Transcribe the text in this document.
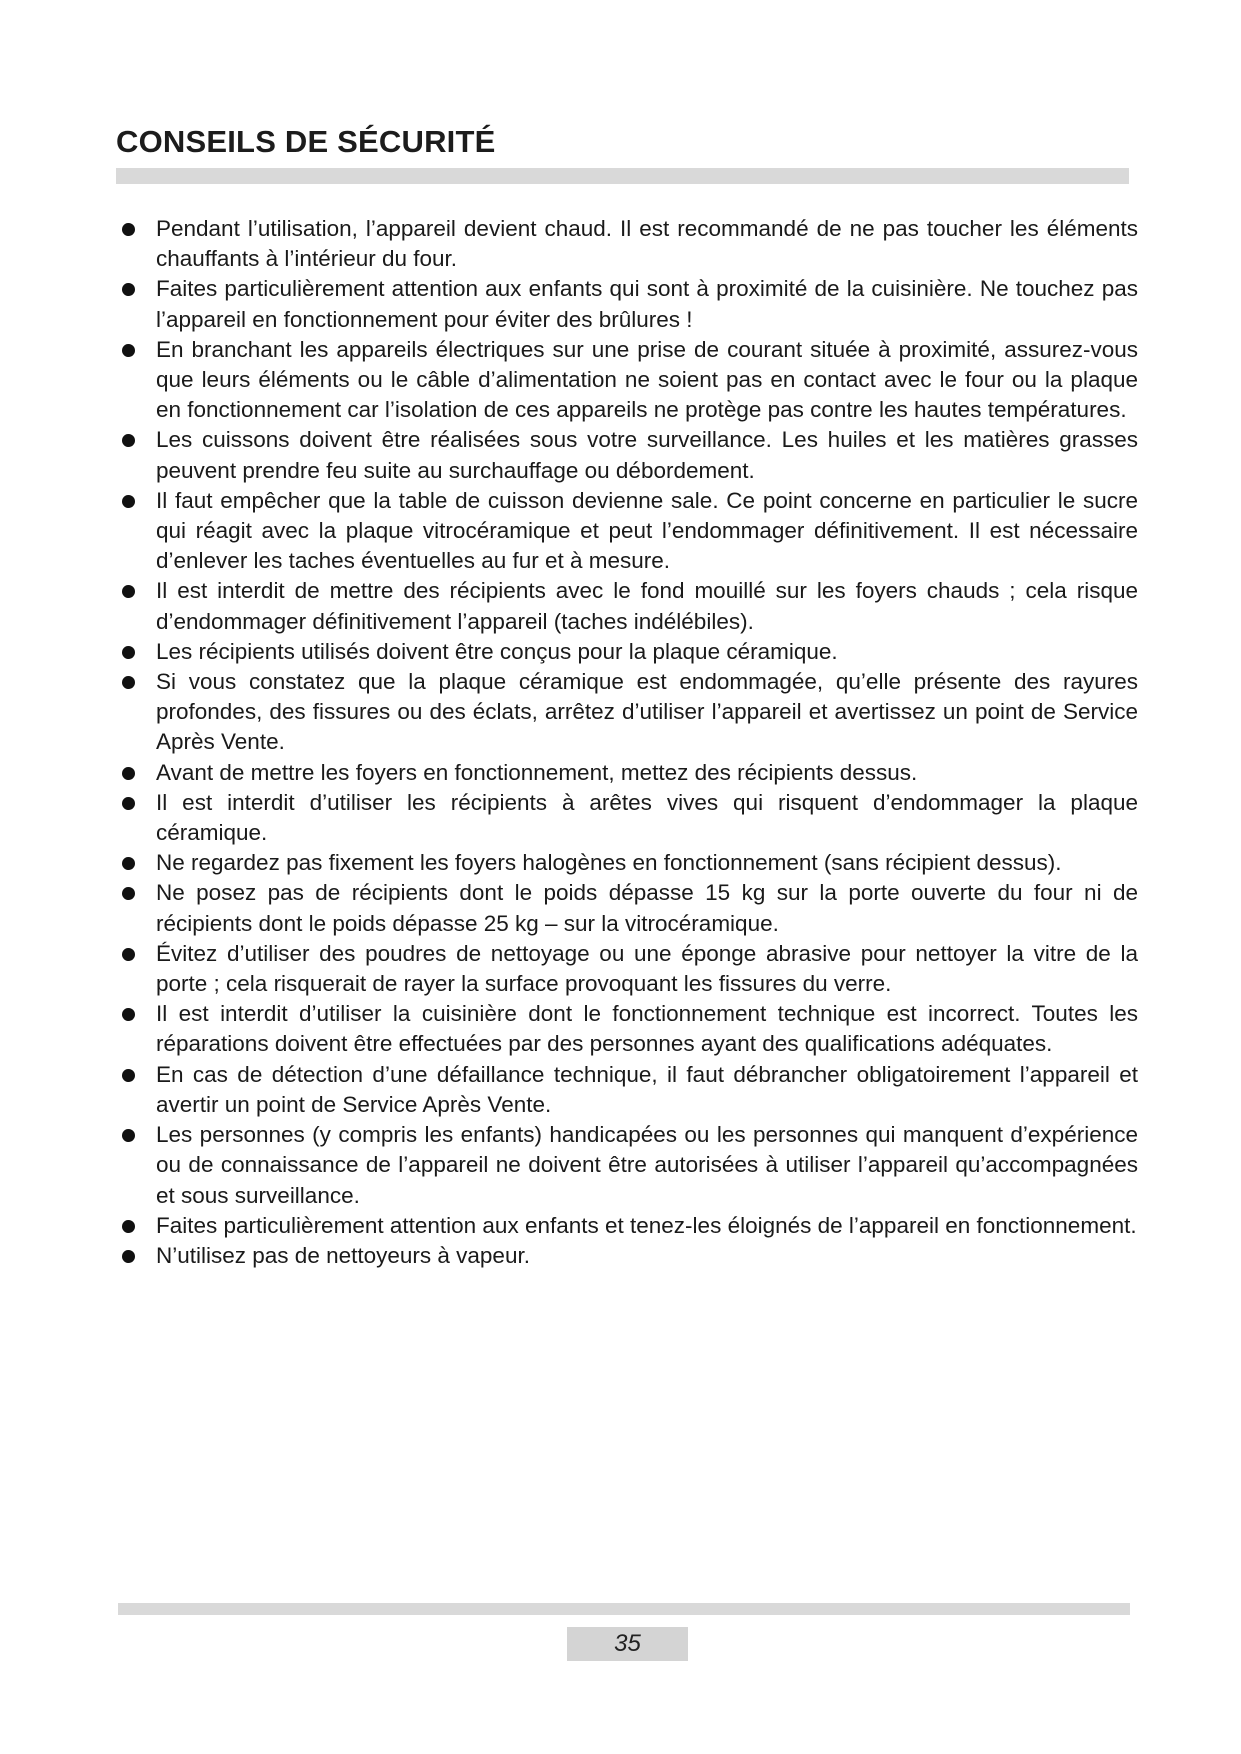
CONSEILS DE SÉCURITÉ
Pendant l’utilisation, l’appareil devient chaud. Il est recommandé de ne pas toucher les éléments chauffants à l’intérieur du four.
Faites particulièrement attention aux enfants qui sont à proximité de la cuisinière. Ne touchez pas l’appareil en fonctionnement pour éviter des brûlures !
En branchant les appareils électriques sur une prise de courant située à proximité, assurez-vous que leurs éléments ou le câble d’alimentation ne soient pas en contact avec le four ou la plaque en fonctionnement car l’isolation de ces appareils ne protège pas contre les hautes températures.
Les cuissons doivent être réalisées sous votre surveillance. Les huiles et les matières grasses peuvent prendre feu suite au surchauffage ou débordement.
Il faut empêcher que la table de cuisson devienne sale. Ce point concerne en particulier le sucre qui réagit avec la plaque vitrocéramique et peut l’endommager définitivement. Il est nécessaire d’enlever les taches éventuelles au fur et à mesure.
Il est interdit de mettre des récipients avec le fond mouillé sur les foyers chauds ; cela risque d’endommager définitivement l’appareil (taches indélébiles).
Les récipients utilisés doivent être conçus pour la plaque céramique.
Si vous constatez que la plaque céramique est endommagée, qu’elle présente des rayures profondes, des fissures ou des éclats, arrêtez d’utiliser l’appareil et avertissez un point de Service Après Vente.
Avant de mettre les foyers en fonctionnement, mettez des récipients dessus.
Il est interdit d’utiliser les récipients à arêtes vives qui risquent d’endommager la plaque céramique.
Ne regardez pas fixement les foyers halogènes en fonctionnement (sans récipient dessus).
Ne posez pas de récipients dont le poids dépasse 15 kg sur la porte ouverte du four ni de récipients dont le poids dépasse 25 kg – sur la vitrocéramique.
Évitez d’utiliser des poudres de nettoyage ou une éponge abrasive pour nettoyer la vitre de la porte ; cela risquerait de rayer la surface provoquant les fissures du verre.
Il est interdit d’utiliser la cuisinière dont le fonctionnement technique est incorrect. Toutes les réparations doivent être effectuées par des personnes ayant des qualifications adéquates.
En cas de détection d’une défaillance technique, il faut débrancher obligatoirement l’appareil et avertir un point de Service Après Vente.
Les personnes (y compris les enfants) handicapées ou les personnes qui manquent d’expérience ou de connaissance de l’appareil ne doivent être autorisées à utiliser l’appareil qu’accompagnées et sous surveillance.
Faites particulièrement attention aux enfants et tenez-les éloignés de l’appareil en fonctionnement.
N’utilisez pas de nettoyeurs à vapeur.
35
